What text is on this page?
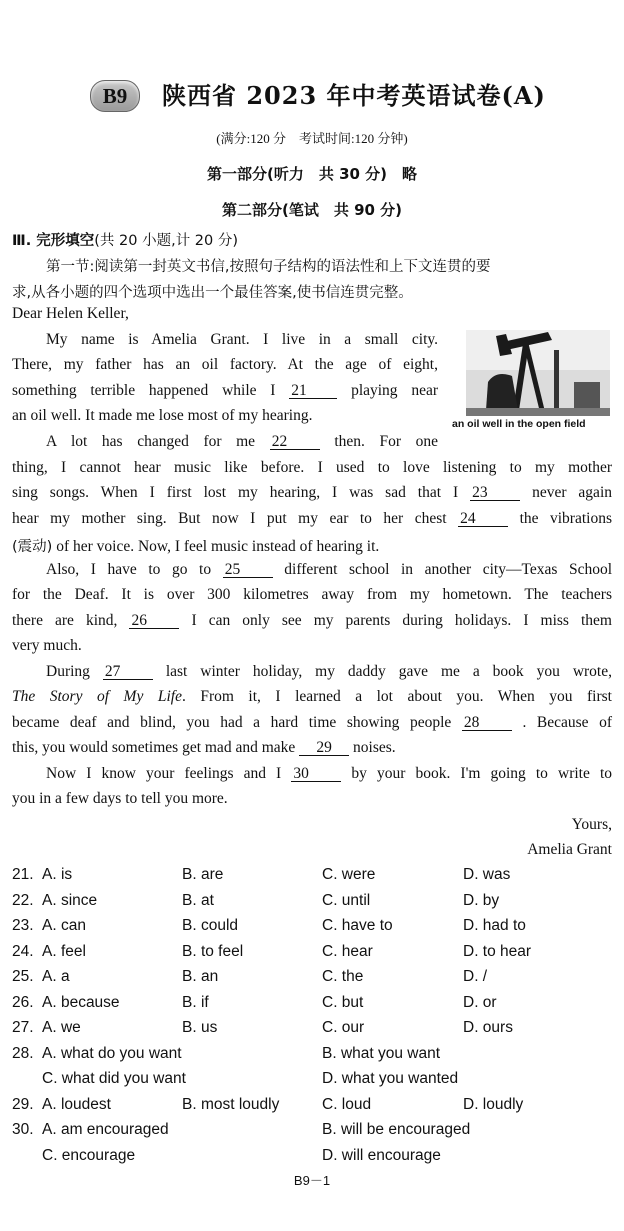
B9	陕西省 2023 年中考英语试卷(A)
(满分:120 分　考试时间:120 分钟)
第一部分(听力　共 30 分)　略
第二部分(笔试　共 90 分)
Ⅲ. 完形填空(共 20 小题,计 20 分)
第一节:阅读第一封英文书信,按照句子结构的语法性和上下文连贯的要
求,从各小题的四个选项中选出一个最佳答案,使书信连贯完整。
Dear Helen Keller,
My name is Amelia Grant. I live in a small city.
There, my father has an oil factory. At the age of eight,
something terrible happened while I 21	playing near
an oil well. It made me lose most of my hearing.	an oil well in the open field
A lot has changed for me 22	then. For one
thing, I cannot hear music like before. I used to love listening to my mother
sing songs. When I first lost my hearing, I was sad that I 23	never again
hear my mother sing. But now I put my ear to her chest 24	the vibrations
(震动) of her voice. Now, I feel music instead of hearing it.
Also, I have to go to 25	different school in another city—Texas School
for the Deaf. It is over 300 kilometres away from my hometown. The teachers
there are kind, 26	I can only see my parents during holidays. I miss them
very much.
During 27	last winter holiday, my daddy gave me a book you wrote,
The Story of My Life. From it, I learned a lot about you. When you first
became deaf and blind, you had a hard time showing people 28	. Because of
this, you would sometimes get mad and make 29 noises.
Now I know your feelings and I 30	by your book. I'm going to write to
you in a few days to tell you more.
Yours,
Amelia Grant
21. A. is	B. are	C. were	D. was
22. A. since	B. at	C. until	D. by
23. A. can	B. could	C. have to	D. had to
24. A. feel	B. to feel	C. hear	D. to hear
25. A. a	B. an	C. the	D. /
26. A. because	B. if	C. but	D. or
27. A. we	B. us	C. our	D. ours
28. A. what do you want	B. what you want
C. what did you want	D. what you wanted
29. A. loudest	B. most loudly	C. loud	D. loudly
30. A. am encouraged	B. will be encouraged
C. encourage	D. will encourage
B9－1
